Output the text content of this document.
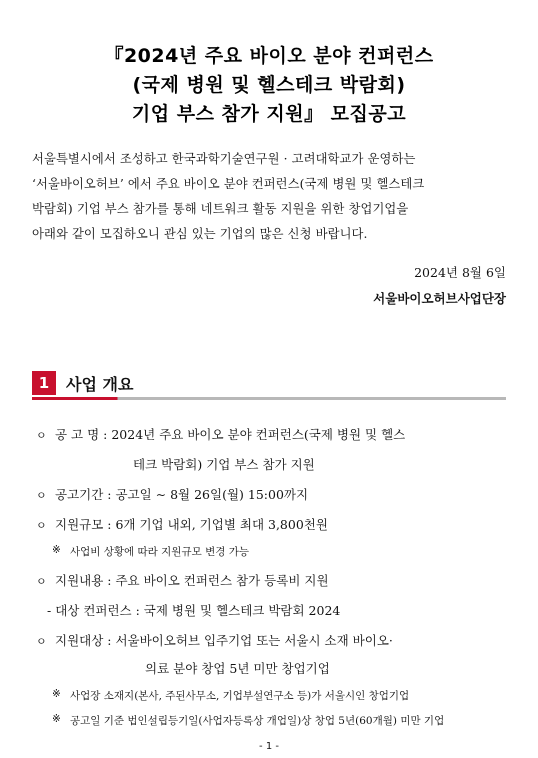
『2024년 주요 바이오 분야 컨퍼런스
(국제 병원 및 헬스테크 박람회)
기업 부스 참가 지원』 모집공고
서울특별시에서 조성하고 한국과학기술연구원 · 고려대학교가 운영하는
‘서울바이오허브’ 에서 주요 바이오 분야 컨퍼런스(국제 병원 및 헬스테크
박람회) 기업 부스 참가를 통해 네트워크 활동 지원을 위한 창업기업을
아래와 같이 모집하오니 관심 있는 기업의 많은 신청 바랍니다.
2024년 8월 6일
서울바이오허브사업단장
1	사업 개요
ㅇ 공 고 명 : 2024년 주요 바이오 분야 컨퍼런스(국제 병원 및 헬스
테크 박람회) 기업 부스 참가 지원
ㅇ 공고기간 : 공고일 ∼ 8월 26일(월) 15:00까지
ㅇ 지원규모 : 6개 기업 내외, 기업별 최대 3,800천원
※ 사업비 상황에 따라 지원규모 변경 가능
ㅇ 지원내용 : 주요 바이오 컨퍼런스 참가 등록비 지원
- 대상 컨퍼런스 : 국제 병원 및 헬스테크 박람회 2024
ㅇ 지원대상 : 서울바이오허브 입주기업 또는 서울시 소재 바이오·
의료 분야 창업 5년 미만 창업기업
※ 사업장 소재지(본사, 주된사무소, 기업부설연구소 등)가 서울시인 창업기업
※ 공고일 기준 법인설립등기일(사업자등록상 개업일)상 창업 5년(60개월) 미만 기업
- 1 -
